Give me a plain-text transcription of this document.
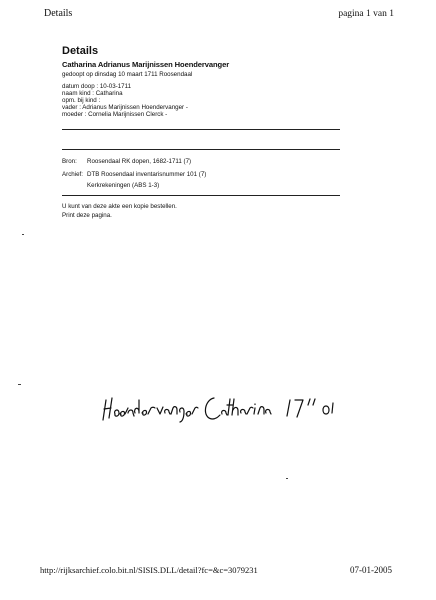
Details	pagina 1 van 1
Details
Catharina Adrianus Marijnissen Hoendervanger
gedoopt op dinsdag 10 maart 1711 Roosendaal
datum doop : 10-03-1711
naam kind : Catharina
opm. bij kind :
vader : Adrianus Marijnissen Hoendervanger -
moeder : Cornelia Marijnissen Clerck -
Bron: Roosendaal RK dopen, 1682-1711 (7)
Archief: DTB Roosendaal inventarisnummer 101 (7)
Kerkrekeningen (ABS 1-3)
U kunt van deze akte een kopie bestellen.
Print deze pagina.
http://rijksarchief.colo.bit.nl/SISIS.DLL/detail?fc=&c=3079231	07-01-2005
